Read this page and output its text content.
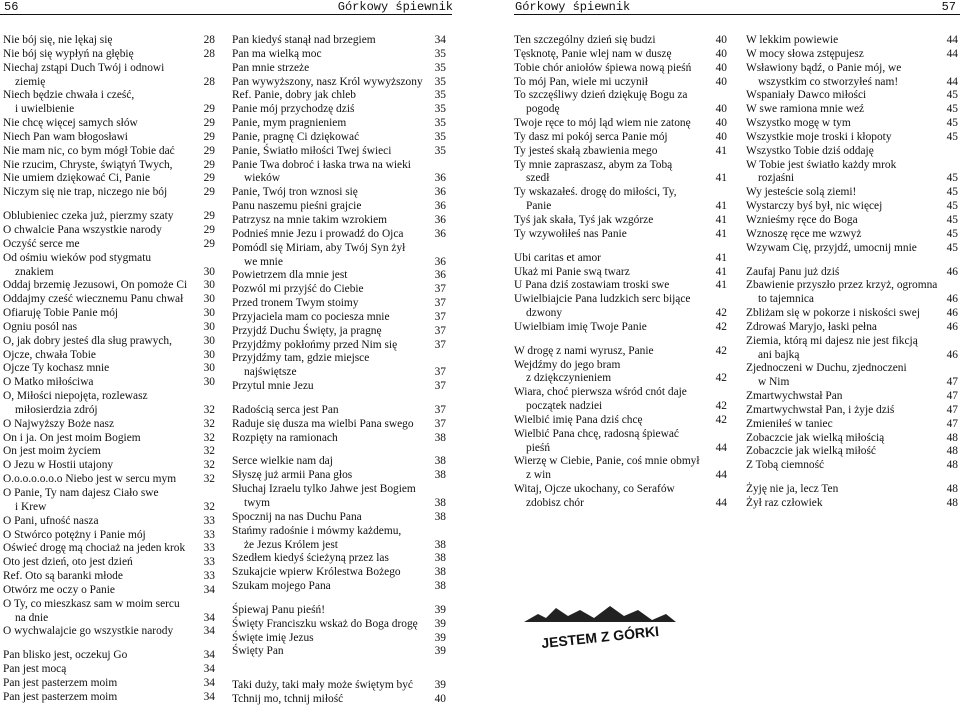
56	Górkowy śpiewnik	Górkowy śpiewnik	57
Nie bój się, nie lękaj się	28
Nie bój się wypłyń na głębię	28
Niechaj zstąpi Duch Twój i odnowi
ziemię	28
Niech będzie chwała i cześć,
i uwielbienie	29
Nie chcę więcej samych słów	29
Niech Pan wam błogosławi	29
Nie mam nic, co bym mógł Tobie dać	29
Nie rzucim, Chryste, świątyń Twych,	29
Nie umiem dziękować Ci, Panie	29
Niczym się nie trap, niczego nie bój	29
Oblubieniec czeka już, pierzmy szaty	29
O chwalcie Pana wszystkie narody	29
Oczyść serce me	29
Od ośmiu wieków pod stygmatu
znakiem	30
Oddaj brzemię Jezusowi, On pomoże Ci 30
Oddajmy cześć wiecznemu Panu chwał 30
Ofiaruję Tobie Panie mój	30
Ogniu posól nas	30
O, jak dobry jesteś dla sług prawych,	30
Ojcze, chwała Tobie	30
Ojcze Ty kochasz mnie	30
O Matko miłościwa	30
O, Miłości niepojęta, rozlewasz
miłosierdzia zdrój	32
O Najwyższy Boże nasz	32
On i ja. On jest moim Bogiem	32
On jest moim życiem	32
O Jezu w Hostii utajony	32
O.o.o.o.o.o.o Niebo jest w sercu mym 32
O Panie, Ty nam dajesz Ciało swe
i Krew	32
O Pani, ufność nasza	33
O Stwórco potężny i Panie mój	33
Oświeć drogę mą chociaż na jeden krok 33
Oto jest dzień, oto jest dzień	33
Ref. Oto są baranki młode	33
Otwórz me oczy o Panie	34
O Ty, co mieszkasz sam w moim sercu
na dnie	34
O wychwalajcie go wszystkie narody	34
Pan blisko jest, oczekuj Go	34
Pan jest mocą	34
Pan jest pasterzem moim	34
Pan jest pasterzem moim	34
Pan kiedyś stanął nad brzegiem	34
Pan ma wielką moc	35
Pan mnie strzeże	35
Pan wywyższony, nasz Król wywyższony 35
Ref. Panie, dobry jak chleb	35
Panie mój przychodzę dziś	35
Panie, mym pragnieniem	35
Panie, pragnę Ci dziękować	35
Panie, Światło miłości Twej świeci	35
Panie Twa dobroć i łaska trwa na wieki
wieków	36
Panie, Twój tron wznosi się	36
Panu naszemu pieśni grajcie	36
Patrzysz na mnie takim wzrokiem	36
Podnieś mnie Jezu i prowadź do Ojca	36
Pomódl się Miriam, aby Twój Syn żył
we mnie	36
Powietrzem dla mnie jest	36
Pozwól mi przyjść do Ciebie	37
Przed tronem Twym stoimy	37
Przyjaciela mam co pociesza mnie	37
Przyjdź Duchu Święty, ja pragnę	37
Przyjdźmy pokłońmy przed Nim się	37
Przyjdźmy tam, gdzie miejsce
najświętsze	37
Przytul mnie Jezu	37
Radością serca jest Pan	37
Raduje się dusza ma wielbi Pana swego 37
Rozpięty na ramionach	38
Serce wielkie nam daj	38
Słyszę już armii Pana głos	38
Słuchaj Izraelu tylko Jahwe jest Bogiem
twym	38
Spocznij na nas Duchu Pana	38
Stańmy radośnie i mówmy każdemu,
że Jezus Królem jest	38
Szedłem kiedyś ścieżyną przez las	38
Szukajcie wpierw Królestwa Bożego	38
Szukam mojego Pana	38
Śpiewaj Panu pieśń!	39
Święty Franciszku wskaż do Boga drogę 39
Święte imię Jezus	39
Święty Pan	39
Taki duży, taki mały może świętym być 39
Tchnij mo, tchnij miłość	40
Ten szczególny dzień się budzi	40
Tęsknotę, Panie wlej nam w duszę	40
Tobie chór aniołów śpiewa nową pieśń 40
To mój Pan, wiele mi uczynił	40
To szczęśliwy dzień dziękuję Bogu za
pogodę	40
Twoje ręce to mój ląd wiem nie zatonę 40
Ty dasz mi pokój serca Panie mój	40
Ty jesteś skałą zbawienia mego	41
Ty mnie zapraszasz, abym za Tobą
szedł	41
Ty wskazałeś. drogę do miłości, Ty,
Panie	41
Tyś jak skała, Tyś jak wzgórze	41
Ty wzywołiłeś nas Panie	41
Ubi caritas et amor	41
Ukaż mi Panie swą twarz	41
U Pana dziś zostawiam troski swe	41
Uwielbiajcie Pana ludzkich serc bijące
dzwony	42
Uwielbiam imię Twoje Panie	42
W drogę z nami wyrusz, Panie	42
Wejdźmy do jego bram
z dziękczynieniem	42
Wiara, choć pierwsza wśród cnót daje
początek nadziei	42
Wielbić imię Pana dziś chcę	42
Wielbić Pana chcę, radosną śpiewać
pieśń	44
Wierzę w Ciebie, Panie, coś mnie obmył
z win	44
Witaj, Ojcze ukochany, co Serafów
zdobisz chór	44
W lekkim powiewie	44
W mocy słowa zstępujesz	44
Wsławiony bądź, o Panie mój, we
wszystkim co stworzyłeś nam!	44
Wspaniały Dawco miłości	45
W swe ramiona mnie weź	45
Wszystko mogę w tym	45
Wszystkie moje troski i kłopoty	45
Wszystko Tobie dziś oddaję
W Tobie jest światło każdy mrok
rozjaśni	45
Wy jesteście solą ziemi!	45
Wystarczy byś był, nic więcej	45
Wznieśmy ręce do Boga	45
Wznoszę ręce me wzwyż	45
Wzywam Cię, przyjdź, umocnij mnie	45
Zaufaj Panu już dziś	46
Zbawienie przyszło przez krzyż, ogromna
to tajemnica	46
Zbliżam się w pokorze i niskości swej 46
Zdrowaś Maryjo, łaski pełna	46
Ziemia, którą mi dajesz nie jest fikcją
ani bajką	46
Zjednoczeni w Duchu, zjednoczeni
w Nim	47
Zmartwychwstał Pan	47
Zmartwychwstał Pan, i żyje dziś	47
Zmieniłeś w taniec	47
Zobaczcie jak wielką miłością	48
Zobaczcie jak wielką miłość	48
Z Tobą ciemność	48
Żyję nie ja, lecz Ten	48
Żył raz człowiek	48
JESTEM Z GÓRKI
